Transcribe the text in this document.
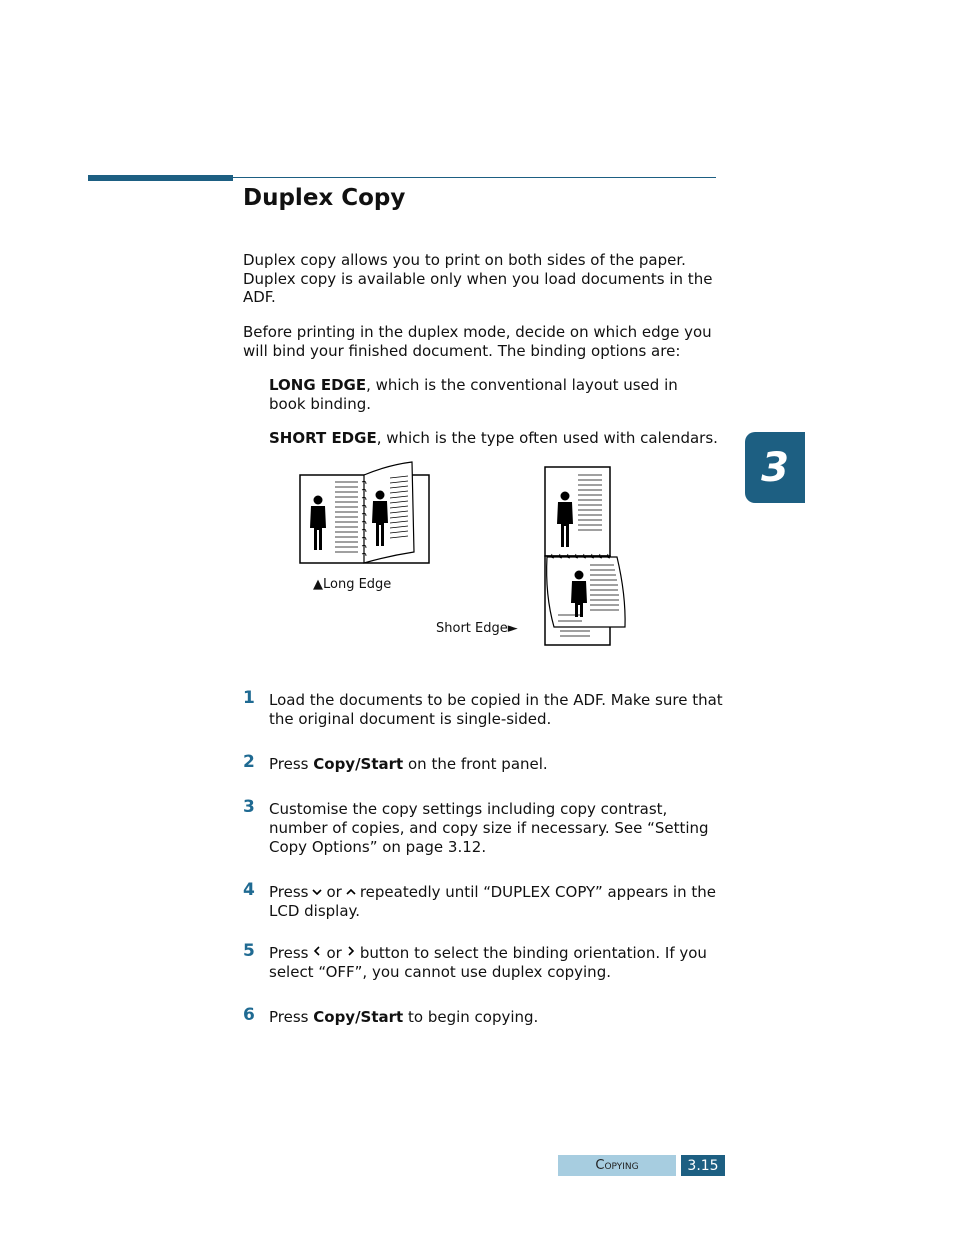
Duplex Copy

Duplex copy allows you to print on both sides of the paper. Duplex copy is available only when you load documents in the ADF.

Before printing in the duplex mode, decide on which edge you will bind your finished document. The binding options are:

LONG EDGE, which is the conventional layout used in book binding.

SHORT EDGE, which is the type often used with calendars.

3
▲Long Edge
Short Edge►
1 Load the documents to be copied in the ADF. Make sure that the original document is single-sided.

2 Press Copy/Start on the front panel.

3 Customise the copy settings including copy contrast, number of copies, and copy size if necessary. See “Setting Copy Options” on page 3.12.

4 Press or repeatedly until “DUPLEX COPY” appears in the LCD display.

5 Press or button to select the binding orientation. If you select “OFF”, you cannot use duplex copying.

6 Press Copy/Start to begin copying.

Copying	3.15
